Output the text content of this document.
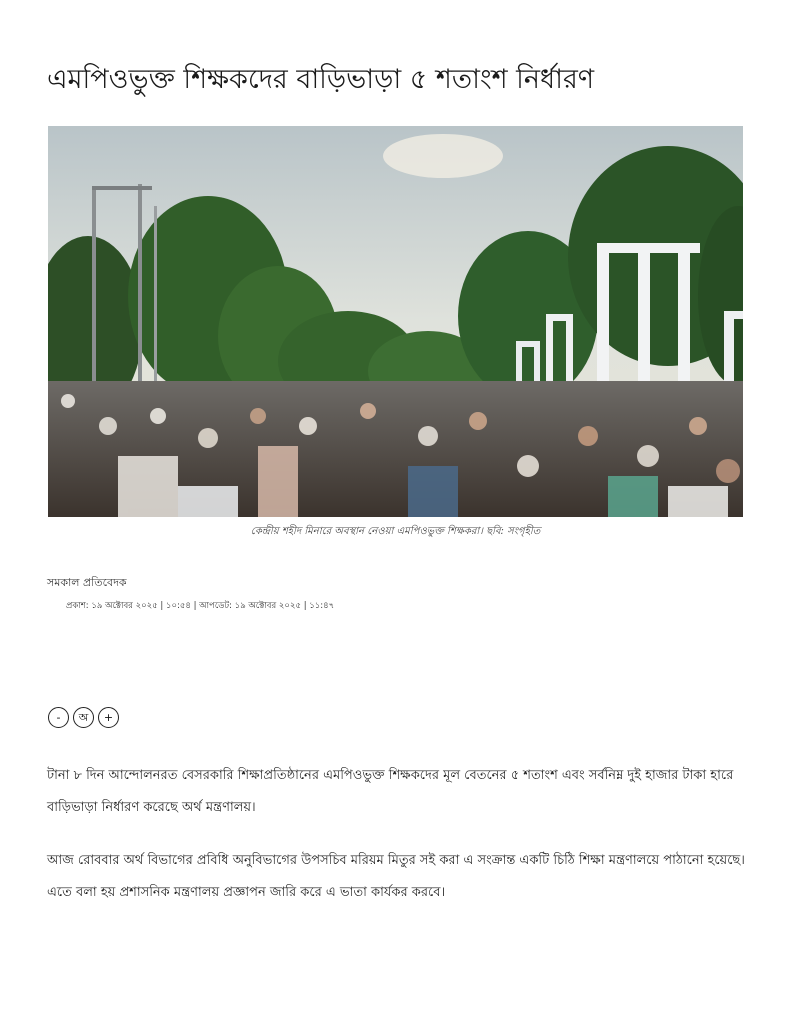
এমপিওভুক্ত শিক্ষকদের বাড়িভাড়া ৫ শতাংশ নির্ধারণ
কেন্দ্রীয় শহীদ মিনারে অবস্থান নেওয়া এমপিওভুক্ত শিক্ষকরা। ছবি: সংগৃহীত
সমকাল প্রতিবেদক
প্রকাশ: ১৯ অক্টোবর ২০২৫ | ১০:৫৪ | আপডেট: ১৯ অক্টোবর ২০২৫ | ১১:৪৭
-	অ	+

টানা ৮ দিন আন্দোলনরত বেসরকারি শিক্ষাপ্রতিষ্ঠানের এমপিওভুক্ত শিক্ষকদের মূল বেতনের ৫ শতাংশ এবং সর্বনিম্ন দুই হাজার টাকা হারে বাড়িভাড়া নির্ধারণ করেছে অর্থ মন্ত্রণালয়।

আজ রোববার অর্থ বিভাগের প্রবিধি অনুবিভাগের উপসচিব মরিয়ম মিতুর সই করা এ সংক্রান্ত একটি চিঠি শিক্ষা মন্ত্রণালয়ে পাঠানো হয়েছে। এতে বলা হয় প্রশাসনিক মন্ত্রণালয় প্রজ্ঞাপন জারি করে এ ভাতা কার্যকর করবে।
